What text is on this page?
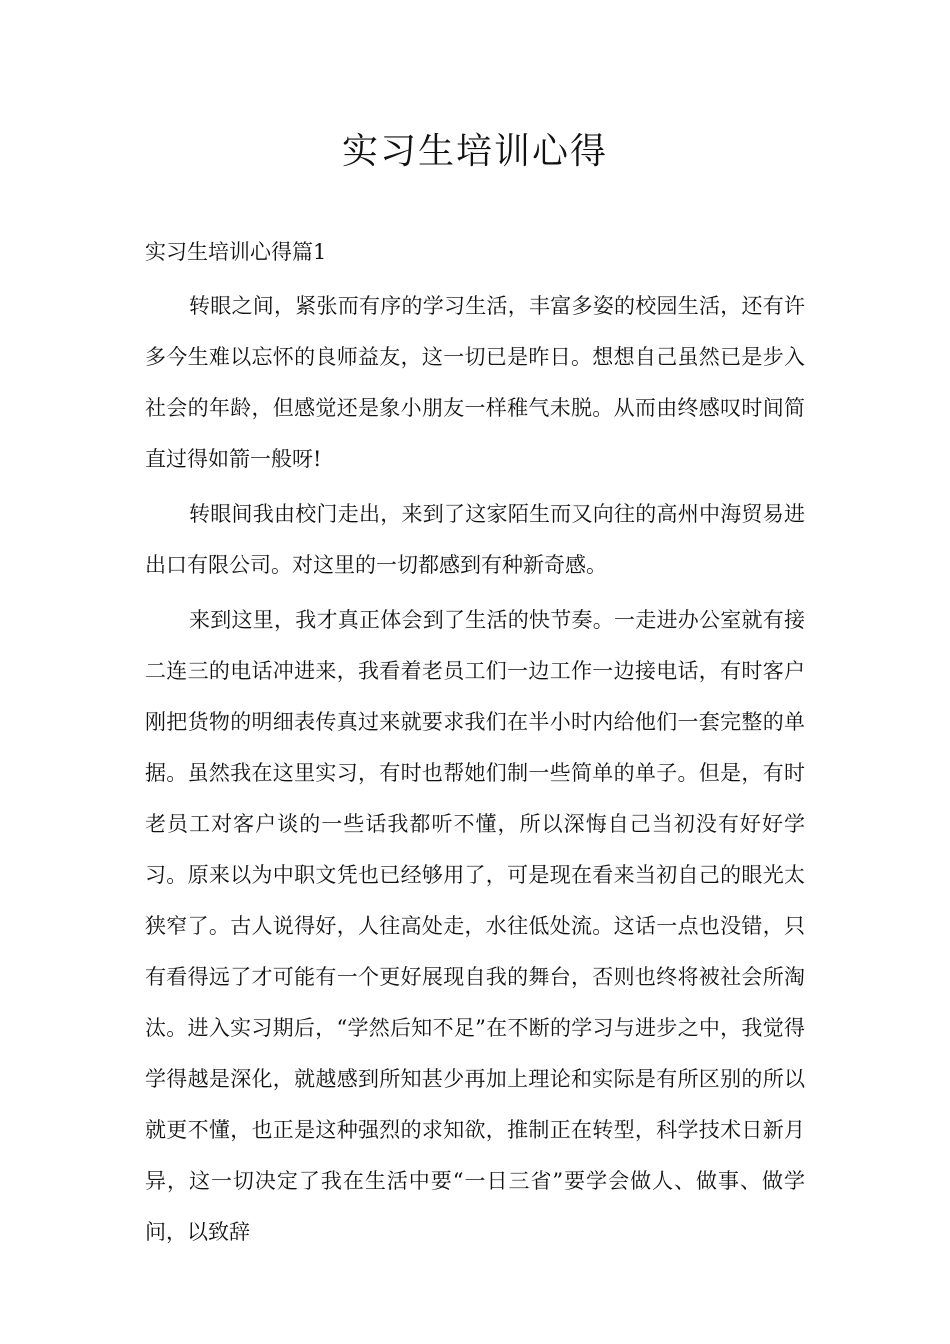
实习生培训心得

实习生培训心得篇1

转眼之间，紧张而有序的学习生活，丰富多姿的校园生活，还有许多今生难以忘怀的良师益友，这一切已是昨日。想想自己虽然已是步入社会的年龄，但感觉还是象小朋友一样稚气未脱。从而由终感叹时间简直过得如箭一般呀!

转眼间我由校门走出，来到了这家陌生而又向往的高州中海贸易进出口有限公司。对这里的一切都感到有种新奇感。

来到这里，我才真正体会到了生活的快节奏。一走进办公室就有接二连三的电话冲进来，我看着老员工们一边工作一边接电话，有时客户刚把货物的明细表传真过来就要求我们在半小时内给他们一套完整的单据。虽然我在这里实习，有时也帮她们制一些简单的单子。但是，有时老员工对客户谈的一些话我都听不懂，所以深悔自己当初没有好好学习。原来以为中职文凭也已经够用了，可是现在看来当初自己的眼光太狭窄了。古人说得好，人往高处走，水往低处流。这话一点也没错，只有看得远了才可能有一个更好展现自我的舞台，否则也终将被社会所淘汰。进入实习期后，“学然后知不足”在不断的学习与进步之中，我觉得学得越是深化，就越感到所知甚少再加上理论和实际是有所区别的所以就更不懂，也正是这种强烈的求知欲，推制正在转型，科学技术日新月异，这一切决定了我在生活中要“一日三省”要学会做人、做事、做学问，以致辞
